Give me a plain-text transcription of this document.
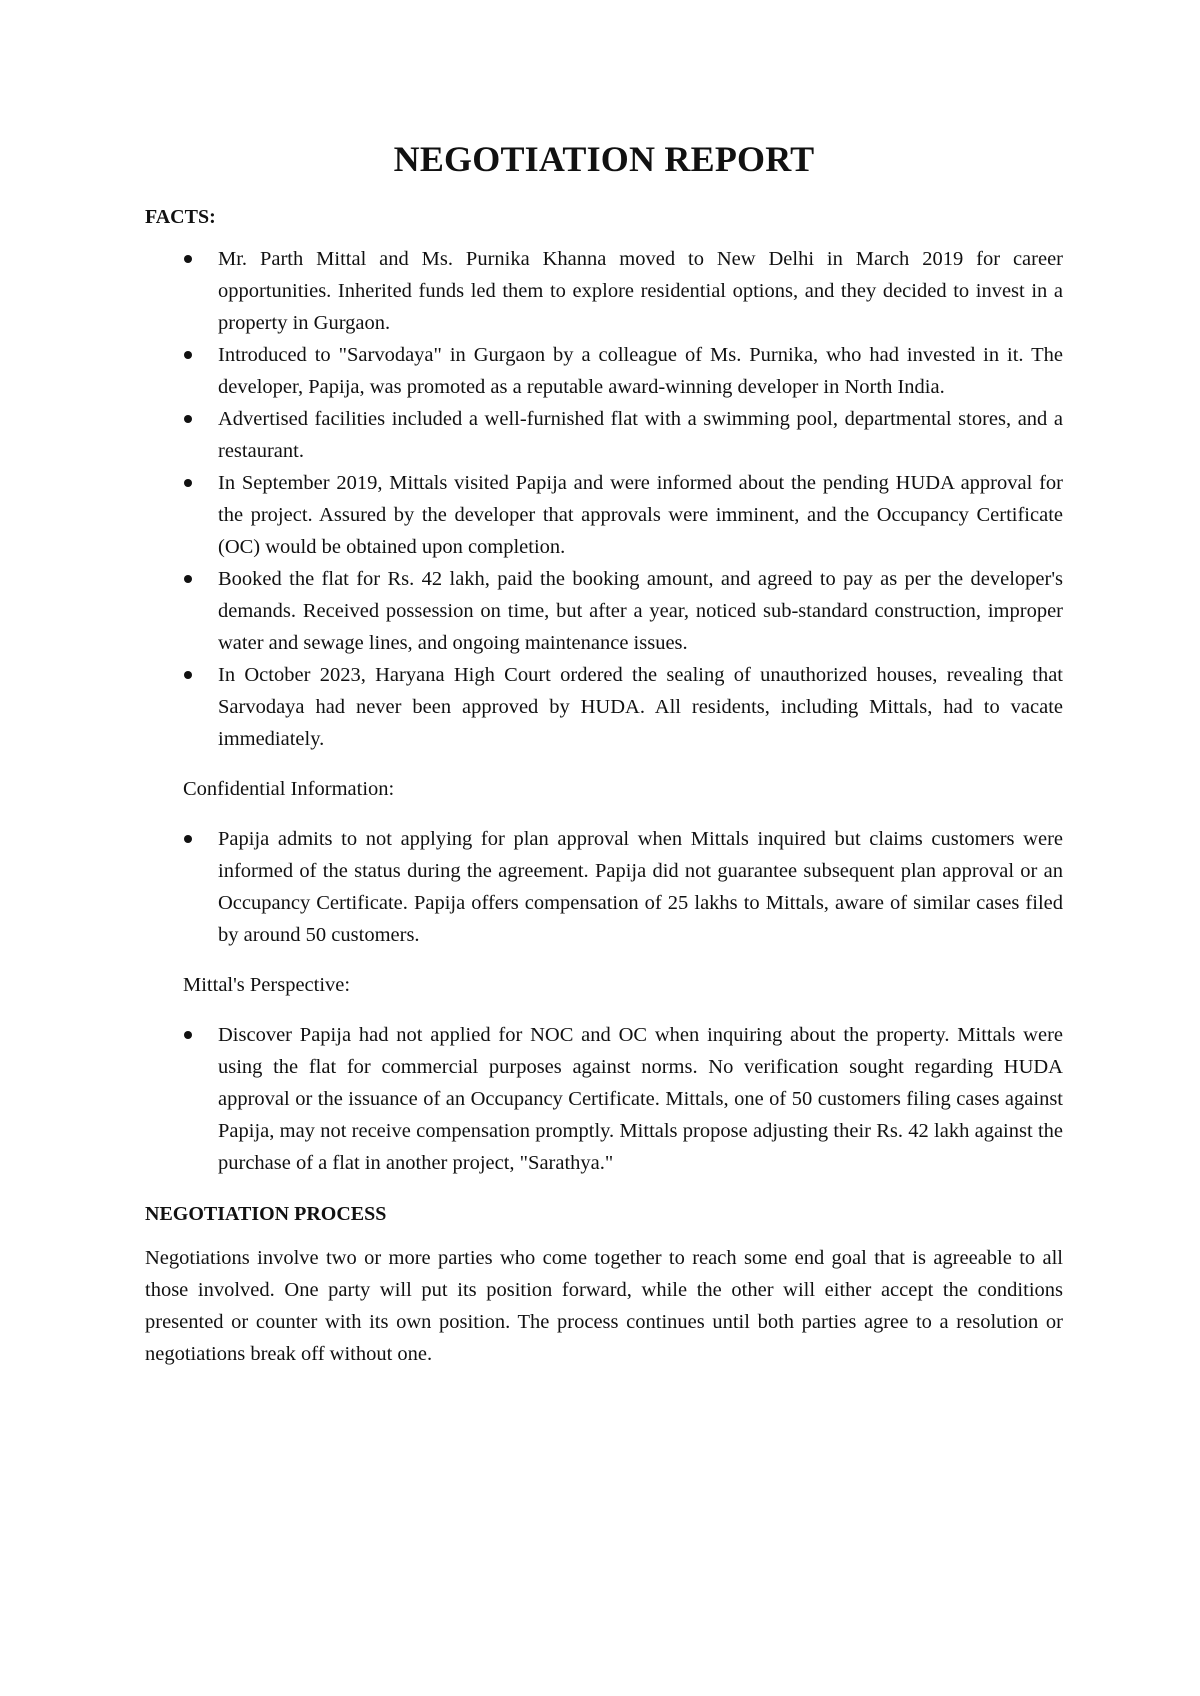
NEGOTIATION REPORT
FACTS:
Mr. Parth Mittal and Ms. Purnika Khanna moved to New Delhi in March 2019 for career opportunities. Inherited funds led them to explore residential options, and they decided to invest in a property in Gurgaon.
Introduced to "Sarvodaya" in Gurgaon by a colleague of Ms. Purnika, who had invested in it. The developer, Papija, was promoted as a reputable award-winning developer in North India.
Advertised facilities included a well-furnished flat with a swimming pool, departmental stores, and a restaurant.
In September 2019, Mittals visited Papija and were informed about the pending HUDA approval for the project. Assured by the developer that approvals were imminent, and the Occupancy Certificate (OC) would be obtained upon completion.
Booked the flat for Rs. 42 lakh, paid the booking amount, and agreed to pay as per the developer's demands. Received possession on time, but after a year, noticed sub-standard construction, improper water and sewage lines, and ongoing maintenance issues.
In October 2023, Haryana High Court ordered the sealing of unauthorized houses, revealing that Sarvodaya had never been approved by HUDA. All residents, including Mittals, had to vacate immediately.
Confidential Information:
Papija admits to not applying for plan approval when Mittals inquired but claims customers were informed of the status during the agreement. Papija did not guarantee subsequent plan approval or an Occupancy Certificate. Papija offers compensation of 25 lakhs to Mittals, aware of similar cases filed by around 50 customers.
Mittal's Perspective:
Discover Papija had not applied for NOC and OC when inquiring about the property. Mittals were using the flat for commercial purposes against norms. No verification sought regarding HUDA approval or the issuance of an Occupancy Certificate. Mittals, one of 50 customers filing cases against Papija, may not receive compensation promptly. Mittals propose adjusting their Rs. 42 lakh against the purchase of a flat in another project, "Sarathya."
NEGOTIATION PROCESS

Negotiations involve two or more parties who come together to reach some end goal that is agreeable to all those involved. One party will put its position forward, while the other will either accept the conditions presented or counter with its own position. The process continues until both parties agree to a resolution or negotiations break off without one.
